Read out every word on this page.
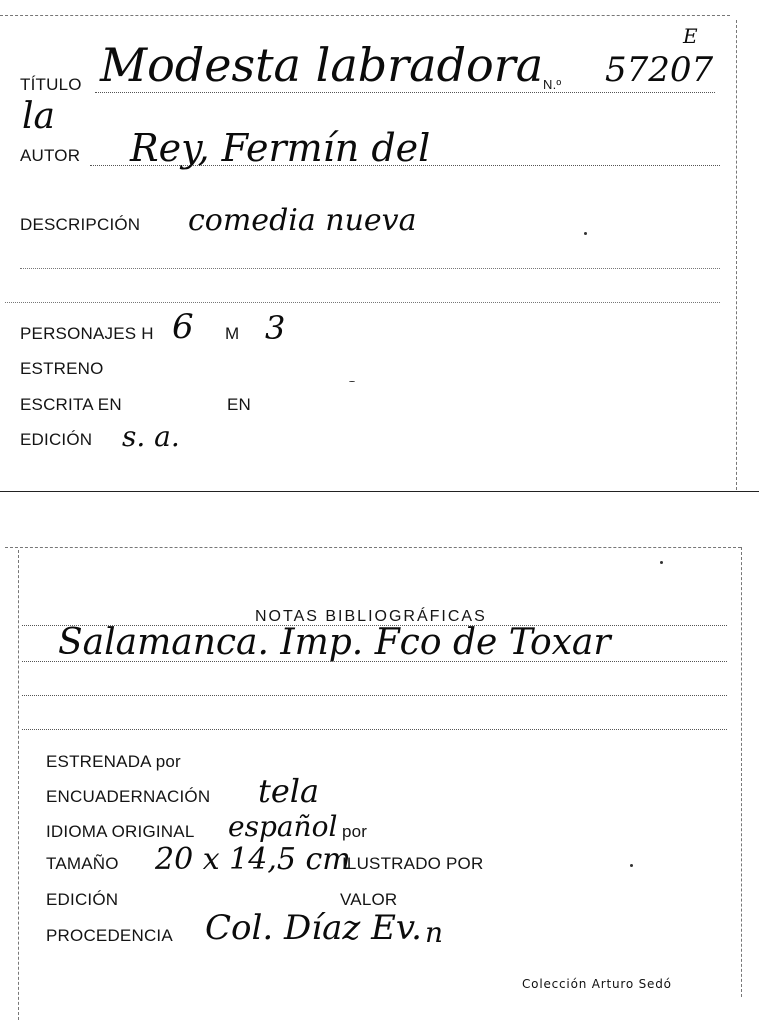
TÍTULO Modesta labradora
la
N.º 57207
E
AUTOR Rey, Fermín del
DESCRIPCIÓN comedia nueva
PERSONAJES H 6 M 3
ESTRENO
ESCRITA EN	EN
EDICIÓN s. a.
NOTAS BIBLIOGRÁFICAS
Salamanca. Imp. Fco de Toxar
ESTRENADA por
ENCUADERNACIÓN tela
IDIOMA ORIGINAL español por
TAMAÑO 20 x 14,5 cm
ILUSTRADO POR
EDICIÓN	VALOR
PROCEDENCIA Col. Díaz Ev. n
Colección Arturo Sedó
